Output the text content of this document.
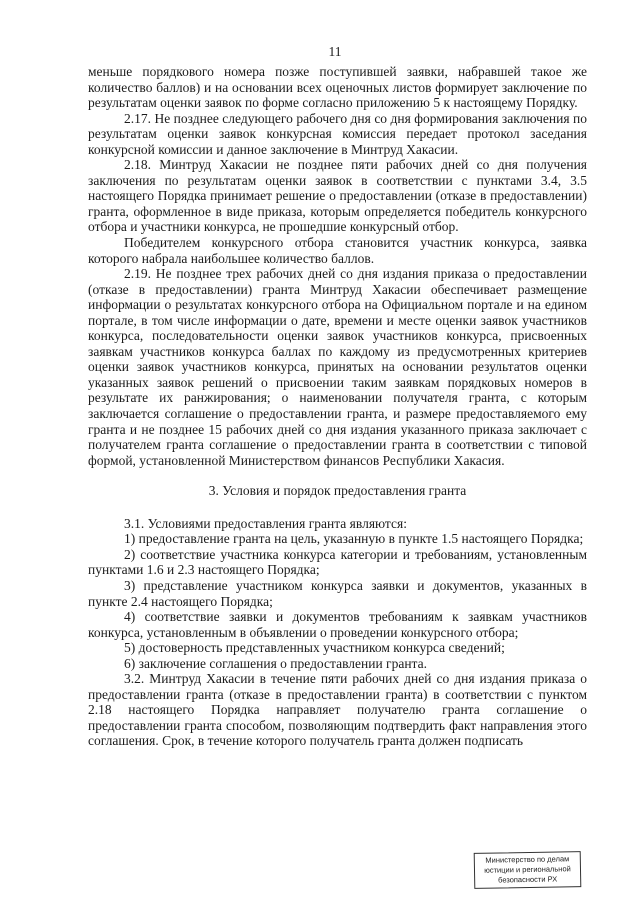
11

меньше порядкового номера позже поступившей заявки, набравшей такое же количество баллов) и на основании всех оценочных листов формирует заключение по результатам оценки заявок по форме согласно приложению 5 к настоящему Порядку.

2.17. Не позднее следующего рабочего дня со дня формирования заключения по результатам оценки заявок конкурсная комиссия передает протокол заседания конкурсной комиссии и данное заключение в Минтруд Хакасии.

2.18. Минтруд Хакасии не позднее пяти рабочих дней со дня получения заключения по результатам оценки заявок в соответствии с пунктами 3.4, 3.5 настоящего Порядка принимает решение о предоставлении (отказе в предоставлении) гранта, оформленное в виде приказа, которым определяется победитель конкурсного отбора и участники конкурса, не прошедшие конкурсный отбор.

Победителем конкурсного отбора становится участник конкурса, заявка которого набрала наибольшее количество баллов.

2.19. Не позднее трех рабочих дней со дня издания приказа о предоставлении (отказе в предоставлении) гранта Минтруд Хакасии обеспечивает размещение информации о результатах конкурсного отбора на Официальном портале и на едином портале, в том числе информации о дате, времени и месте оценки заявок участников конкурса, последовательности оценки заявок участников конкурса, присвоенных заявкам участников конкурса баллах по каждому из предусмотренных критериев оценки заявок участников конкурса, принятых на основании результатов оценки указанных заявок решений о присвоении таким заявкам порядковых номеров в результате их ранжирования; о наименовании получателя гранта, с которым заключается соглашение о предоставлении гранта, и размере предоставляемого ему гранта и не позднее 15 рабочих дней со дня издания указанного приказа заключает с получателем гранта соглашение о предоставлении гранта в соответствии с типовой формой, установленной Министерством финансов Республики Хакасия.

3. Условия и порядок предоставления гранта

3.1. Условиями предоставления гранта являются:

1) предоставление гранта на цель, указанную в пункте 1.5 настоящего Порядка;

2) соответствие участника конкурса категории и требованиям, установленным пунктами 1.6 и 2.3 настоящего Порядка;

3) представление участником конкурса заявки и документов, указанных в пункте 2.4 настоящего Порядка;

4) соответствие заявки и документов требованиям к заявкам участников конкурса, установленным в объявлении о проведении конкурсного отбора;

5) достоверность представленных участником конкурса сведений;

6) заключение соглашения о предоставлении гранта.

3.2. Минтруд Хакасии в течение пяти рабочих дней со дня издания приказа о предоставлении гранта (отказе в предоставлении гранта) в соответствии с пунктом 2.18 настоящего Порядка направляет получателю гранта соглашение о предоставлении гранта способом, позволяющим подтвердить факт направления этого соглашения. Срок, в течение которого получатель гранта должен подписать

Министерство по делам
юстиции и региональной
безопасности РХ
